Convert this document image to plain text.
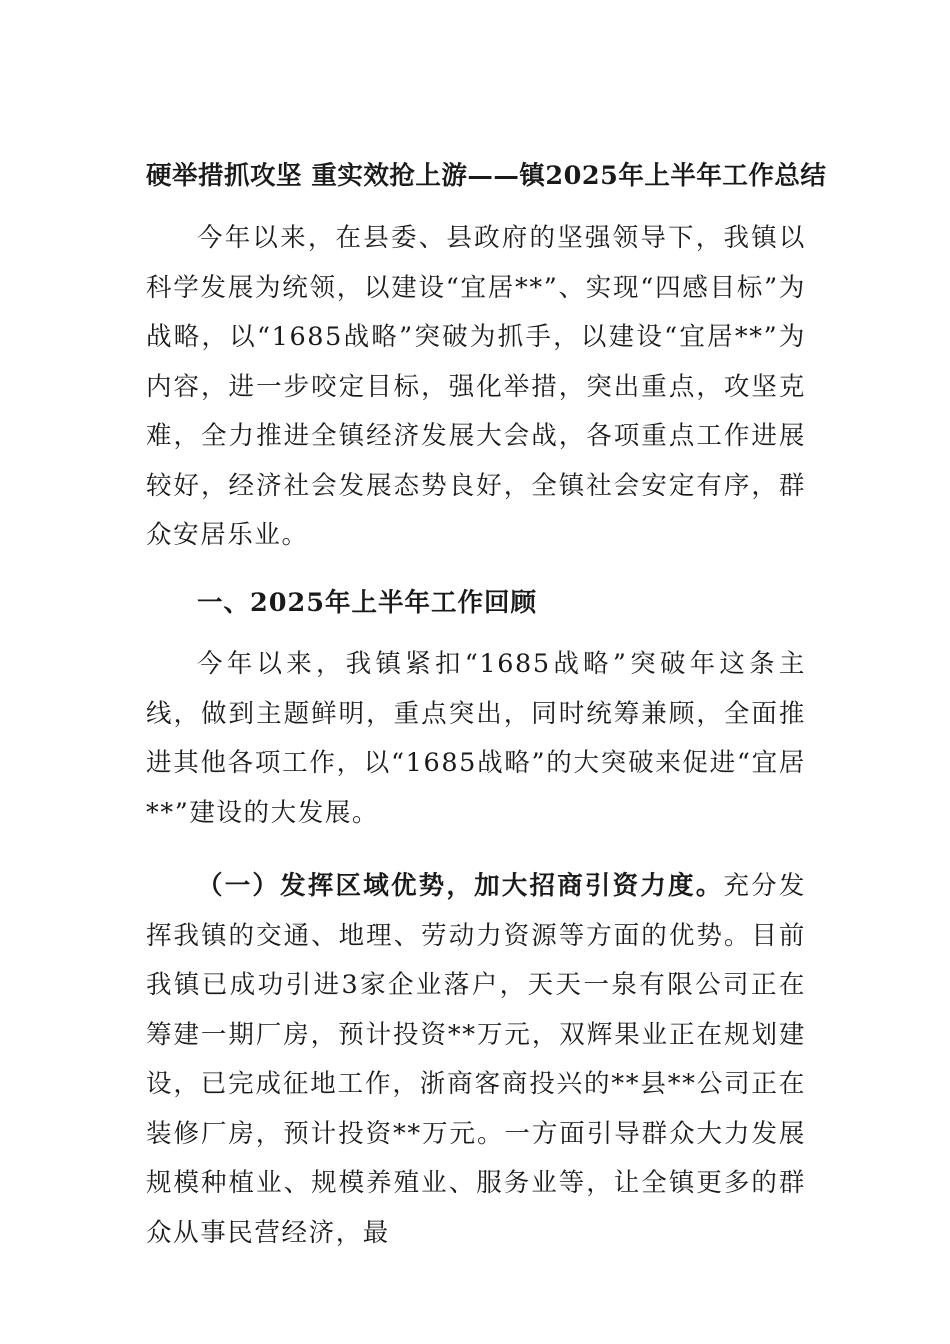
硬举措抓攻坚 重实效抢上游——镇2025年上半年工作总结

今年以来，在县委、县政府的坚强领导下，我镇以科学发展为统领，以建设“宜居**”、实现“四感目标”为战略，以“1685战略”突破为抓手，以建设“宜居**”为内容，进一步咬定目标，强化举措，突出重点，攻坚克难，全力推进全镇经济发展大会战，各项重点工作进展较好，经济社会发展态势良好，全镇社会安定有序，群众安居乐业。

一、2025年上半年工作回顾

今年以来，我镇紧扣“1685战略”突破年这条主线，做到主题鲜明，重点突出，同时统筹兼顾，全面推进其他各项工作，以“1685战略”的大突破来促进“宜居**”建设的大发展。

（一）发挥区域优势，加大招商引资力度。充分发挥我镇的交通、地理、劳动力资源等方面的优势。目前我镇已成功引进3家企业落户，天天一泉有限公司正在筹建一期厂房，预计投资**万元，双辉果业正在规划建设，已完成征地工作，浙商客商投兴的**县**公司正在装修厂房，预计投资**万元。一方面引导群众大力发展规模种植业、规模养殖业、服务业等，让全镇更多的群众从事民营经济，最
